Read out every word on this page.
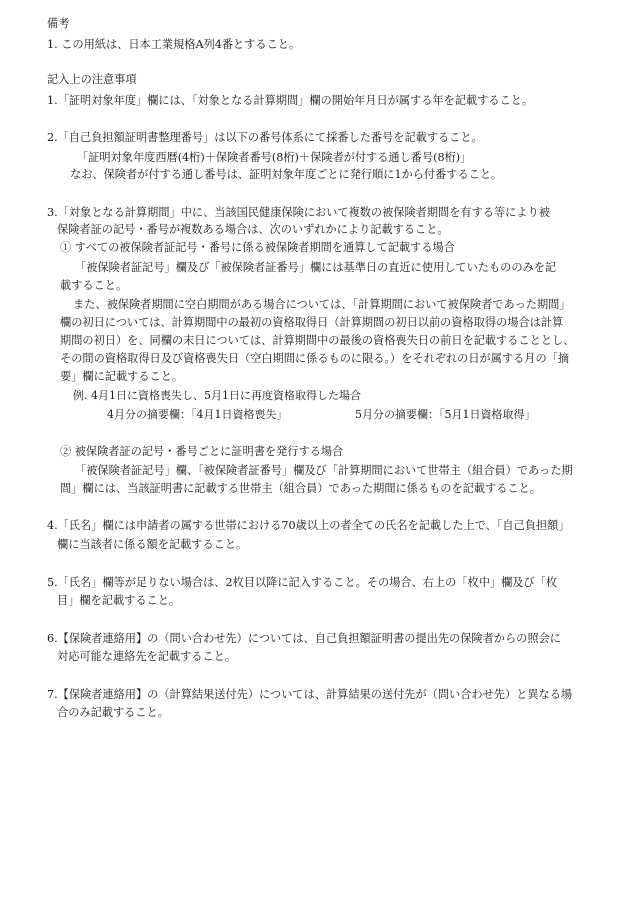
備考
1. この用紙は、日本工業規格A列4番とすること。
記入上の注意事項
1.「証明対象年度」欄には、「対象となる計算期間」欄の開始年月日が属する年を記載すること。
2.「自己負担額証明書整理番号」は以下の番号体系にて採番した番号を記載すること。
「証明対象年度西暦(4桁)＋保険者番号(8桁)＋保険者が付する通し番号(8桁)」
なお、保険者が付する通し番号は、証明対象年度ごとに発行順に1から付番すること。
3.「対象となる計算期間」中に、当該国民健康保険において複数の被保険者期間を有する等により被
保険者証の記号・番号が複数ある場合は、次のいずれかにより記載すること。
① すべての被保険者証記号・番号に係る被保険者期間を通算して記載する場合
「被保険者証記号」欄及び「被保険者証番号」欄には基準日の直近に使用していたもののみを記
載すること。
また、被保険者期間に空白期間がある場合については、「計算期間において被保険者であった期間」
欄の初日については、計算期間中の最初の資格取得日（計算期間の初日以前の資格取得の場合は計算
期間の初日）を、同欄の末日については、計算期間中の最後の資格喪失日の前日を記載することとし、
その間の資格取得日及び資格喪失日（空白期間に係るものに限る。）をそれぞれの日が属する月の「摘
要」欄に記載すること。
例. 4月1日に資格喪失し、5月1日に再度資格取得した場合
4月分の摘要欄：「4月1日資格喪失」	5月分の摘要欄：「5月1日資格取得」
② 被保険者証の記号・番号ごとに証明書を発行する場合
「被保険者証記号」欄、「被保険者証番号」欄及び「計算期間において世帯主（組合員）であった期
間」欄には、当該証明書に記載する世帯主（組合員）であった期間に係るものを記載すること。
4.「氏名」欄には申請者の属する世帯における70歳以上の者全ての氏名を記載した上で、「自己負担額」
欄に当該者に係る額を記載すること。
5.「氏名」欄等が足りない場合は、2枚目以降に記入すること。その場合、右上の「枚中」欄及び「枚
目」欄を記載すること。
6.【保険者連絡用】の（問い合わせ先）については、自己負担額証明書の提出先の保険者からの照会に
対応可能な連絡先を記載すること。
7.【保険者連絡用】の（計算結果送付先）については、計算結果の送付先が（問い合わせ先）と異なる場
合のみ記載すること。
